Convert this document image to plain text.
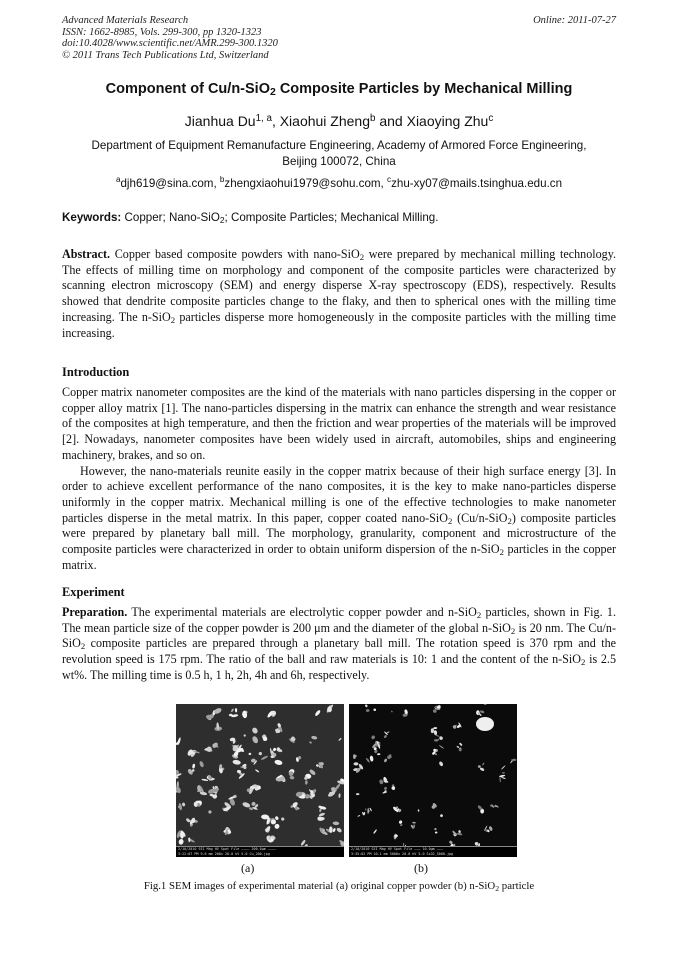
Advanced Materials Research
ISSN: 1662-8985, Vols. 299-300, pp 1320-1323
doi:10.4028/www.scientific.net/AMR.299-300.1320
© 2011 Trans Tech Publications Ltd, Switzerland
Online: 2011-07-27
Component of Cu/n-SiO$_2$ Composite Particles by Mechanical Milling
Jianhua Du$^{1, a}$, Xiaohui Zheng$^b$ and Xiaoying Zhu$^c$
Department of Equipment Remanufacture Engineering, Academy of Armored Force Engineering,
Beijing 100072, China
$^a$djh619@sina.com, $^b$zhengxiaohui1979@sohu.com, $^c$zhu-xy07@mails.tsinghua.edu.cn
Keywords: Copper; Nano-SiO$_2$; Composite Particles; Mechanical Milling.
Abstract. Copper based composite powders with nano-SiO$_2$ were prepared by mechanical milling technology. The effects of milling time on morphology and component of the composite particles were characterized by scanning electron microscopy (SEM) and energy disperse X-ray spectroscopy (EDS), respectively. Results showed that dendrite composite particles change to the flaky, and then to spherical ones with the milling time increasing. The n-SiO$_2$ particles disperse more homogeneously in the composite particles with the milling time increasing.
Introduction

Copper matrix nanometer composites are the kind of the materials with nano particles dispersing in the copper or copper alloy matrix [1]. The nano-particles dispersing in the matrix can enhance the strength and wear resistance of the composites at high temperature, and then the friction and wear properties of the materials will be improved [2]. Nowadays, nanometer composites have been widely used in aircraft, automobiles, ships and engineering machinery, brakes, and so on.

However, the nano-materials reunite easily in the copper matrix because of their high surface energy [3]. In order to achieve excellent performance of the nano composites, it is the key to make nano-particles disperse uniformly in the copper matrix. Mechanical milling is one of the effective technologies to make nanometer particles disperse in the metal matrix. In this paper, copper coated nano-SiO$_2$ (Cu/n-SiO$_2$) composite particles were prepared by planetary ball mill. The morphology, granularity, component and microstructure of the composite particles were characterized in order to obtain uniform dispersion of the n-SiO$_2$ particles in the copper matrix.

Experiment
Preparation. The experimental materials are electrolytic copper powder and n-SiO$_2$ particles, shown in Fig. 1. The mean particle size of the copper powder is 200 μm and the diameter of the global n-SiO$_2$ is 20 nm. The Cu/n-SiO$_2$ composite particles are prepared through a planetary ball mill. The rotation speed is 370 rpm and the revolution speed is 175 rpm. The ratio of the ball and raw materials is 10: 1 and the content of the n-SiO$_2$ is 2.5 wt%. The milling time is 0.5 h, 1 h, 2h, 4h and 6h, respectively.
2/10/2010 SEI Mag HV Spot File ———— 200.0μm ————
3:22:07 PM 9.6 mm 200x 20.0 kV 5.0 Cu_200.jpg
2/10/2010 SEI Mag HV Spot File ——— 10.0μm ———
3:35:02 PM 10.1 mm 5000x 20.0 kV 5.0 SiO2_5000.jpg
(a)	(b)
Fig.1 SEM images of experimental material (a) original copper powder (b) n-SiO$_2$ particle
